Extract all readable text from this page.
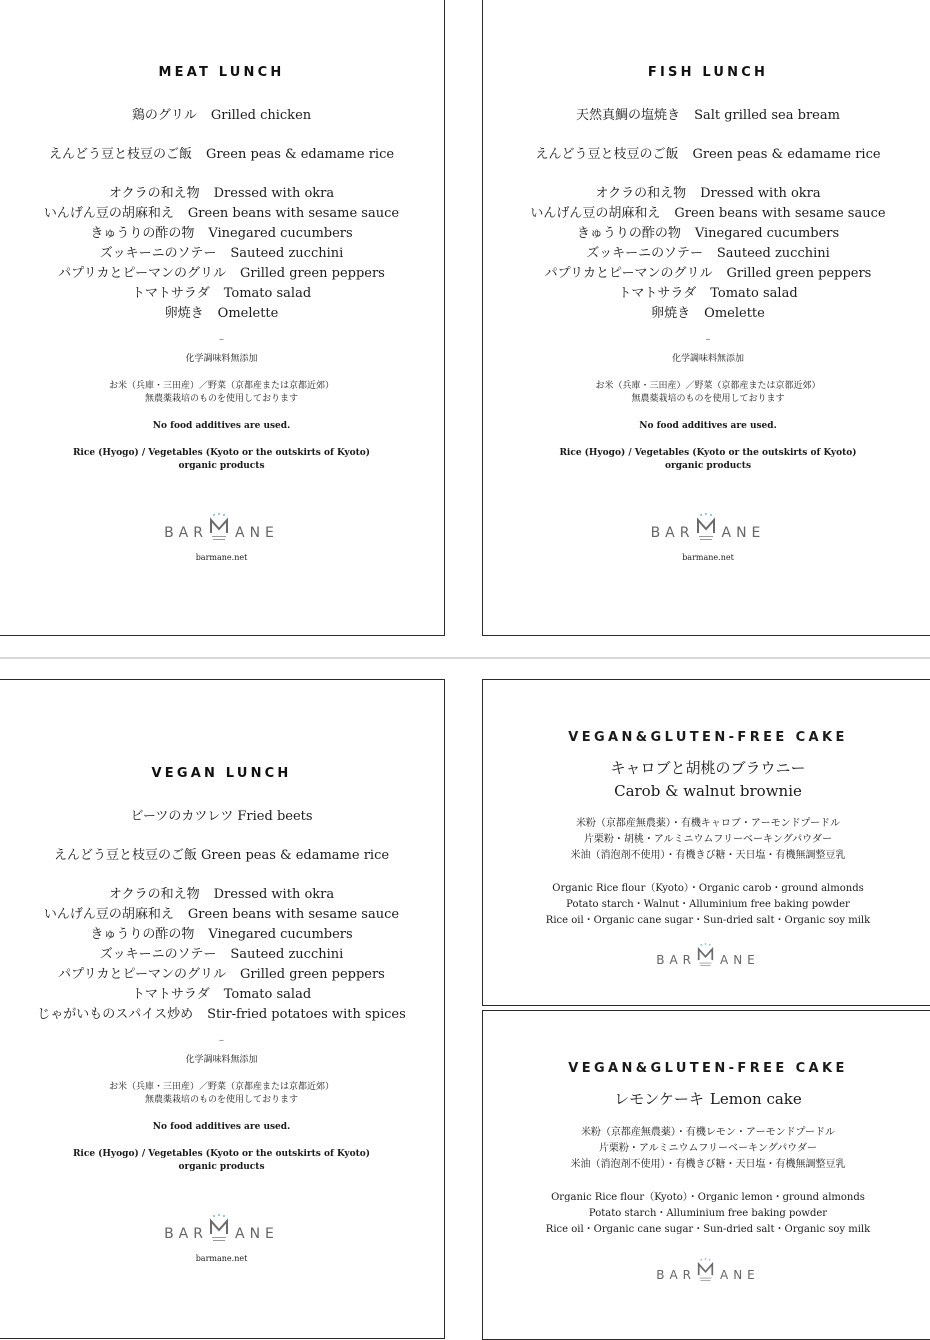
MEAT LUNCH
鶏のグリル Grilled chicken
えんどう豆と枝豆のご飯 Green peas & edamame rice
オクラの和え物 Dressed with okra
いんげん豆の胡麻和え Green beans with sesame sauce
きゅうりの酢の物 Vinegared cucumbers
ズッキーニのソテー Sauteed zucchini
パプリカとピーマンのグリル Grilled green peppers
トマトサラダ Tomato salad
卵焼き Omelette
–
化学調味料無添加
お米（兵庫・三田産）／野菜（京都産または京都近郊）
無農薬栽培のものを使用しております
No food additives are used.
Rice (Hyogo) / Vegetables (Kyoto or the outskirts of Kyoto)
organic products
BAR ANE
barmane.net
FISH LUNCH
天然真鯛の塩焼き Salt grilled sea bream
えんどう豆と枝豆のご飯 Green peas & edamame rice
オクラの和え物 Dressed with okra
いんげん豆の胡麻和え Green beans with sesame sauce
きゅうりの酢の物 Vinegared cucumbers
ズッキーニのソテー Sauteed zucchini
パプリカとピーマンのグリル Grilled green peppers
トマトサラダ Tomato salad
卵焼き Omelette
–
化学調味料無添加
お米（兵庫・三田産）／野菜（京都産または京都近郊）
無農薬栽培のものを使用しております
No food additives are used.
Rice (Hyogo) / Vegetables (Kyoto or the outskirts of Kyoto)
organic products
BAR ANE
barmane.net
VEGAN LUNCH
ビーツのカツレツ Fried beets
えんどう豆と枝豆のご飯 Green peas & edamame rice
オクラの和え物 Dressed with okra
いんげん豆の胡麻和え Green beans with sesame sauce
きゅうりの酢の物 Vinegared cucumbers
ズッキーニのソテー Sauteed zucchini
パプリカとピーマンのグリル Grilled green peppers
トマトサラダ Tomato salad
じゃがいものスパイス炒め Stir-fried potatoes with spices
–
化学調味料無添加
お米（兵庫・三田産）／野菜（京都産または京都近郊）
無農薬栽培のものを使用しております
No food additives are used.
Rice (Hyogo) / Vegetables (Kyoto or the outskirts of Kyoto)
organic products
BAR ANE
barmane.net
VEGAN&GLUTEN-FREE CAKE
キャロブと胡桃のブラウニー
Carob & walnut brownie
米粉（京都産無農薬）・有機キャロブ・アーモンドプードル
片栗粉・胡桃・アルミニウムフリーベーキングパウダー
米油（消泡剤不使用）・有機きび糖・天日塩・有機無調整豆乳
Organic Rice flour（Kyoto）・Organic carob・ground almonds
Potato starch・Walnut・Alluminium free baking powder
Rice oil・Organic cane sugar・Sun-dried salt・Organic soy milk
BAR ANE
VEGAN&GLUTEN-FREE CAKE
レモンケーキ Lemon cake
米粉（京都産無農薬）・有機レモン・アーモンドプードル
片栗粉・アルミニウムフリーベーキングパウダー
米油（消泡剤不使用）・有機きび糖・天日塩・有機無調整豆乳
Organic Rice flour（Kyoto）・Organic lemon・ground almonds
Potato starch・Alluminium free baking powder
Rice oil・Organic cane sugar・Sun-dried salt・Organic soy milk
BAR ANE
